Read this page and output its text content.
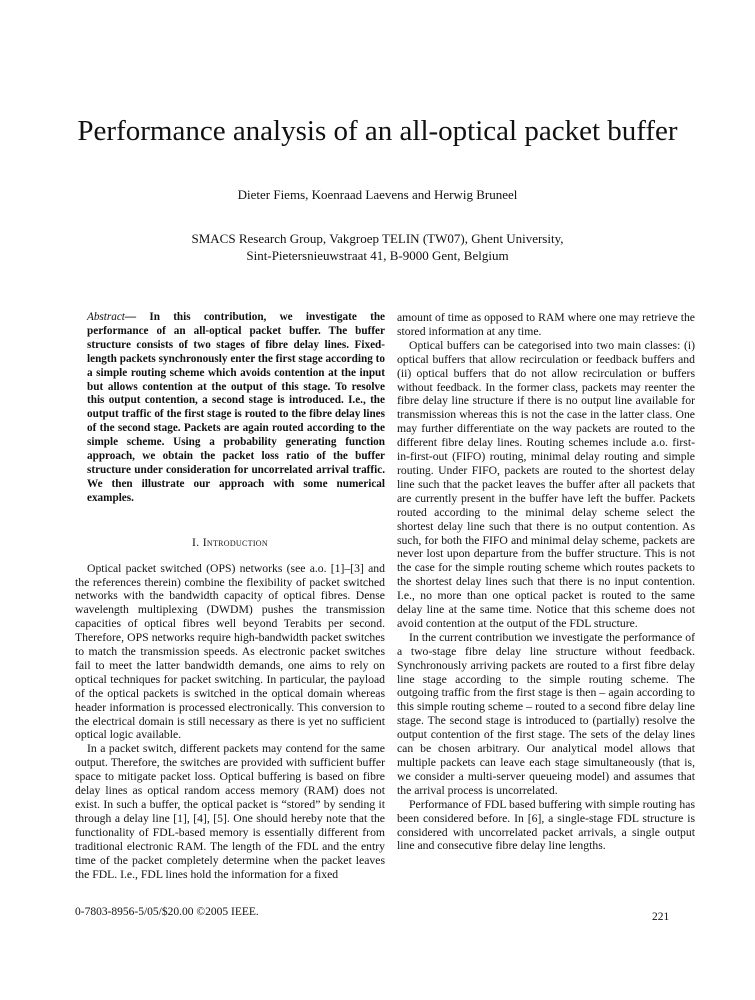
Performance analysis of an all-optical packet buffer
Dieter Fiems, Koenraad Laevens and Herwig Bruneel
SMACS Research Group, Vakgroep TELIN (TW07), Ghent University,
Sint-Pietersnieuwstraat 41, B-9000 Gent, Belgium

Abstract— In this contribution, we investigate the performance of an all-optical packet buffer. The buffer structure consists of two stages of fibre delay lines. Fixed-length packets synchronously enter the first stage according to a simple routing scheme which avoids contention at the input but allows contention at the output of this stage. To resolve this output contention, a second stage is introduced. I.e., the output traffic of the first stage is routed to the fibre delay lines of the second stage. Packets are again routed according to the simple scheme. Using a probability generating function approach, we obtain the packet loss ratio of the buffer structure under consideration for uncorrelated arrival traffic. We then illustrate our approach with some numerical examples.

I. Introduction

Optical packet switched (OPS) networks (see a.o. [1]–[3] and the references therein) combine the flexibility of packet switched networks with the bandwidth capacity of optical fibres. Dense wavelength multiplexing (DWDM) pushes the transmission capacities of optical fibres well beyond Terabits per second. Therefore, OPS networks require high-bandwidth packet switches to match the transmission speeds. As electronic packet switches fail to meet the latter bandwidth demands, one aims to rely on optical techniques for packet switching. In particular, the payload of the optical packets is switched in the optical domain whereas header information is processed electronically. This conversion to the electrical domain is still necessary as there is yet no sufficient optical logic available.

In a packet switch, different packets may contend for the same output. Therefore, the switches are provided with sufficient buffer space to mitigate packet loss. Optical buffering is based on fibre delay lines as optical random access memory (RAM) does not exist. In such a buffer, the optical packet is “stored” by sending it through a delay line [1], [4], [5]. One should hereby note that the functionality of FDL-based memory is essentially different from traditional electronic RAM. The length of the FDL and the entry time of the packet completely determine when the packet leaves the FDL. I.e., FDL lines hold the information for a fixed

amount of time as opposed to RAM where one may retrieve the stored information at any time.

Optical buffers can be categorised into two main classes: (i) optical buffers that allow recirculation or feedback buffers and (ii) optical buffers that do not allow recirculation or buffers without feedback. In the former class, packets may reenter the fibre delay line structure if there is no output line available for transmission whereas this is not the case in the latter class. One may further differentiate on the way packets are routed to the different fibre delay lines. Routing schemes include a.o. first-in-first-out (FIFO) routing, minimal delay routing and simple routing. Under FIFO, packets are routed to the shortest delay line such that the packet leaves the buffer after all packets that are currently present in the buffer have left the buffer. Packets routed according to the minimal delay scheme select the shortest delay line such that there is no output contention. As such, for both the FIFO and minimal delay scheme, packets are never lost upon departure from the buffer structure. This is not the case for the simple routing scheme which routes packets to the shortest delay lines such that there is no input contention. I.e., no more than one optical packet is routed to the same delay line at the same time. Notice that this scheme does not avoid contention at the output of the FDL structure.

In the current contribution we investigate the performance of a two-stage fibre delay line structure without feedback. Synchronously arriving packets are routed to a first fibre delay line stage according to the simple routing scheme. The outgoing traffic from the first stage is then – again according to this simple routing scheme – routed to a second fibre delay line stage. The second stage is introduced to (partially) resolve the output contention of the first stage. The sets of the delay lines can be chosen arbitrary. Our analytical model allows that multiple packets can leave each stage simultaneously (that is, we consider a multi-server queueing model) and assumes that the arrival process is uncorrelated.

Performance of FDL based buffering with simple routing has been considered before. In [6], a single-stage FDL structure is considered with uncorrelated packet arrivals, a single output line and consecutive fibre delay line lengths.

0-7803-8956-5/05/$20.00 ©2005 IEEE.	221
